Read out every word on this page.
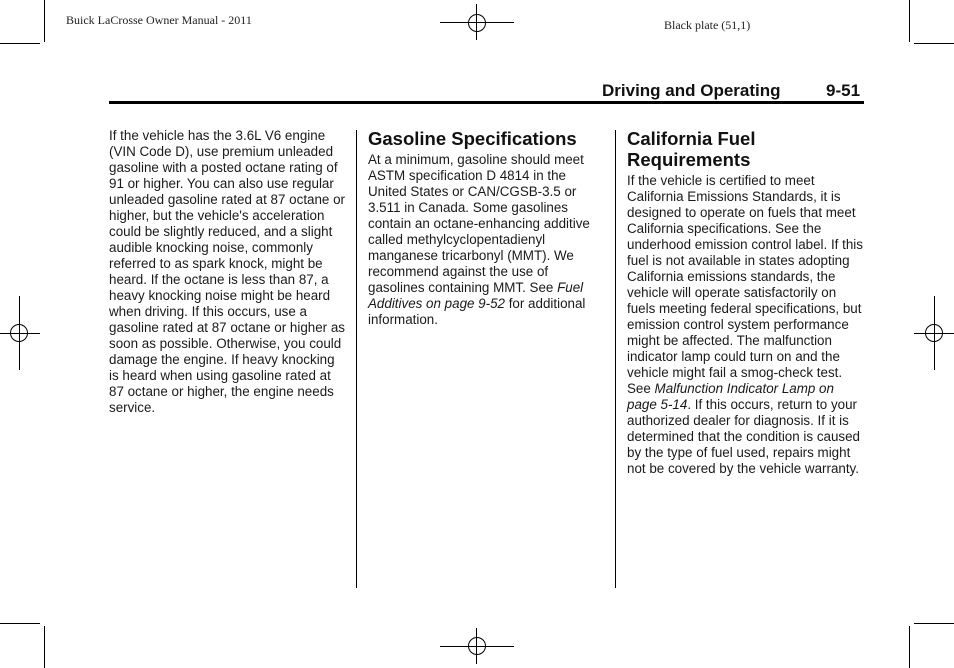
Buick LaCrosse Owner Manual - 2011	Black plate (51,1)
Driving and Operating	9-51

If the vehicle has the 3.6L V6 engine (VIN Code D), use premium unleaded gasoline with a posted octane rating of 91 or higher. You can also use regular unleaded gasoline rated at 87 octane or higher, but the vehicle's acceleration could be slightly reduced, and a slight audible knocking noise, commonly referred to as spark knock, might be heard. If the octane is less than 87, a heavy knocking noise might be heard when driving. If this occurs, use a gasoline rated at 87 octane or higher as soon as possible. Otherwise, you could damage the engine. If heavy knocking is heard when using gasoline rated at 87 octane or higher, the engine needs service.

Gasoline Specifications

At a minimum, gasoline should meet ASTM specification D 4814 in the United States or CAN/CGSB-3.5 or 3.511 in Canada. Some gasolines contain an octane-enhancing additive called methylcyclopentadienyl manganese tricarbonyl (MMT). We recommend against the use of gasolines containing MMT. See Fuel Additives on page 9-52 for additional information.

California Fuel Requirements

If the vehicle is certified to meet California Emissions Standards, it is designed to operate on fuels that meet California specifications. See the underhood emission control label. If this fuel is not available in states adopting California emissions standards, the vehicle will operate satisfactorily on fuels meeting federal specifications, but emission control system performance might be affected. The malfunction indicator lamp could turn on and the vehicle might fail a smog-check test. See Malfunction Indicator Lamp on page 5-14. If this occurs, return to your authorized dealer for diagnosis. If it is determined that the condition is caused by the type of fuel used, repairs might not be covered by the vehicle warranty.
